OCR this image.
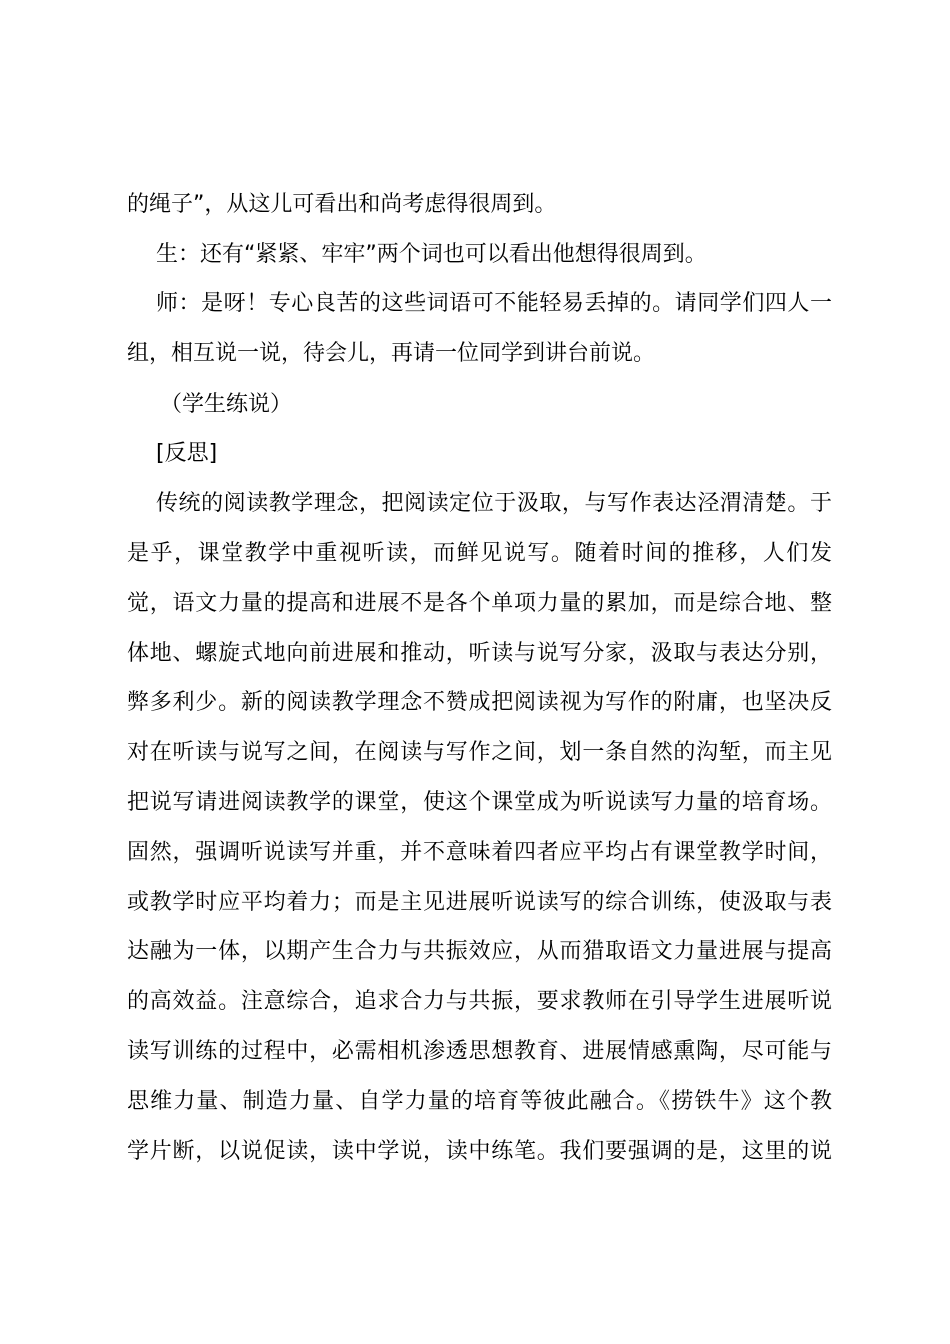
的绳子”，从这儿可看出和尚考虑得很周到。
生：还有“紧紧、牢牢”两个词也可以看出他想得很周到。
师：是呀！专心良苦的这些词语可不能轻易丢掉的。请同学们四人一
组，相互说一说，待会儿，再请一位同学到讲台前说。
（学生练说）
[反思]
传统的阅读教学理念，把阅读定位于汲取，与写作表达泾渭清楚。于
是乎，课堂教学中重视听读，而鲜见说写。随着时间的推移，人们发
觉，语文力量的提高和进展不是各个单项力量的累加，而是综合地、整
体地、螺旋式地向前进展和推动，听读与说写分家，汲取与表达分别，
弊多利少。新的阅读教学理念不赞成把阅读视为写作的附庸，也坚决反
对在听读与说写之间，在阅读与写作之间，划一条自然的沟堑，而主见
把说写请进阅读教学的课堂，使这个课堂成为听说读写力量的培育场。
固然，强调听说读写并重，并不意味着四者应平均占有课堂教学时间，
或教学时应平均着力；而是主见进展听说读写的综合训练，使汲取与表
达融为一体，以期产生合力与共振效应，从而猎取语文力量进展与提高
的高效益。注意综合，追求合力与共振，要求教师在引导学生进展听说
读写训练的过程中，必需相机渗透思想教育、进展情感熏陶，尽可能与
思维力量、制造力量、自学力量的培育等彼此融合。《捞铁牛》这个教
学片断，以说促读，读中学说，读中练笔。我们要强调的是，这里的说
